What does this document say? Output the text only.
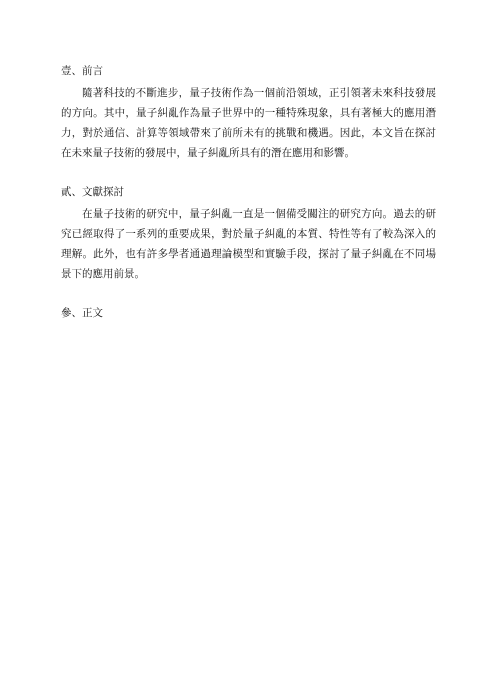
壹、前言

隨著科技的不斷進步，量子技術作為一個前沿領域，正引領著未來科技發展的方向。其中，量子糾亂作為量子世界中的一種特殊現象，具有著極大的應用潛力，對於通信、計算等領域帶來了前所未有的挑戰和機遇。因此，本文旨在探討在未來量子技術的發展中，量子糾亂所具有的潛在應用和影響。

貳、文獻探討

在量子技術的研究中，量子糾亂一直是一個備受關注的研究方向。過去的研究已經取得了一系列的重要成果，對於量子糾亂的本質、特性等有了較為深入的理解。此外，也有許多學者通過理論模型和實驗手段，探討了量子糾亂在不同場景下的應用前景。

參、正文
